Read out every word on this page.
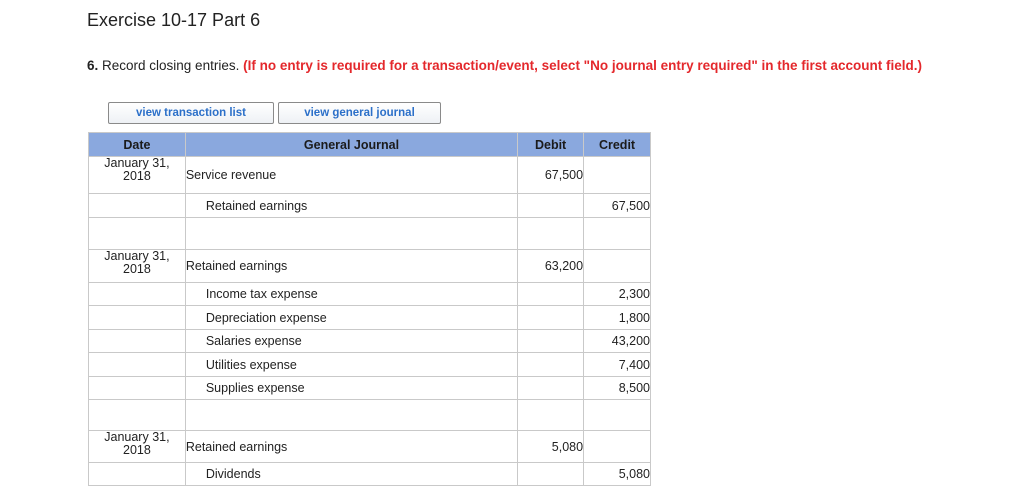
Exercise 10-17 Part 6
6. Record closing entries. (If no entry is required for a transaction/event, select "No journal entry required" in the first account field.)
view transaction list	view general journal
Date	General Journal	Debit	Credit
January 31,
2018	Service revenue	67,500	
	Retained earnings		67,500

January 31,
2018	Retained earnings	63,200	
	Income tax expense		2,300
	Depreciation expense		1,800
	Salaries expense		43,200
	Utilities expense		7,400
	Supplies expense		8,500

January 31,
2018	Retained earnings	5,080	
	Dividends		5,080
